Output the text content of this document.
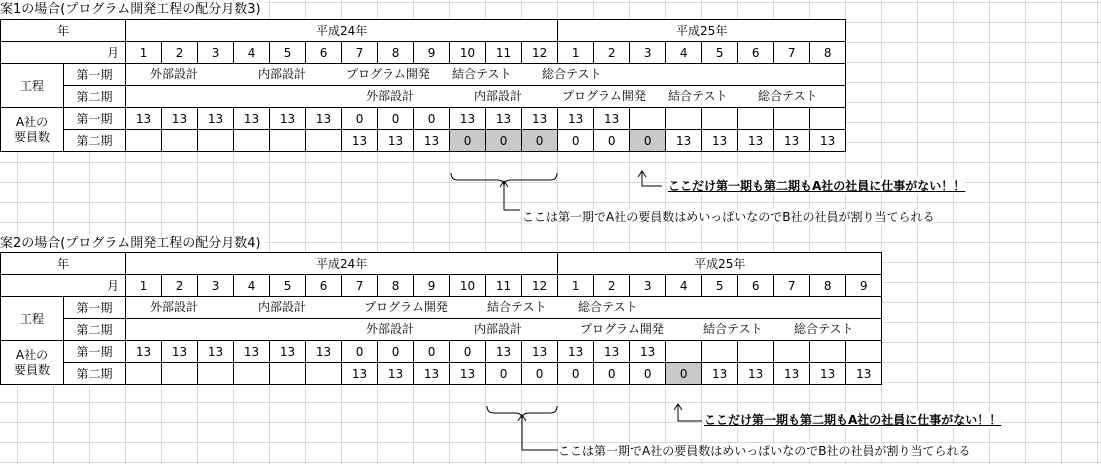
案1の場合(プログラム開発工程の配分月数3)
年		平成24年												平成25年							
月		1	2	3	4	5	6	7	8	9	10	11	12	1	2	3	4	5	6	7	8
工程	第一期	外部設計 内部設計 プログラム開発 結合テスト 総合テスト																			

	第二期	外部設計 内部設計 プログラム開発 結合テスト 総合テスト																			

A社の
要員数	第一期	13	13	13	13	13	13	0	0	0	13	13	13	13	13						
	第二期							13	13	13	0	0	0	0	0	0	13	13	13	13	13
ここは第一期でA社の要員数はめいっぱいなのでB社の社員が割り当てられる
ここだけ第一期も第二期もA社の社員に仕事がない！！
案2の場合(プログラム開発工程の配分月数4)
年		平成24年												平成25年								
月		1	2	3	4	5	6	7	8	9	10	11	12	1	2	3	4	5	6	7	8	9
工程	第一期	外部設計 内部設計 プログラム開発 結合テスト 総合テスト																				

	第二期	外部設計 内部設計 プログラム開発 結合テスト 総合テスト																				

A社の
要員数	第一期	13	13	13	13	13	13	0	0	0	0	13	13	13	13	13						
	第二期							13	13	13	13	0	0	0	0	0	0	13	13	13	13	13
ここは第一期でA社の要員数はめいっぱいなのでB社の社員が割り当てられる
ここだけ第一期も第二期もA社の社員に仕事がない！！
